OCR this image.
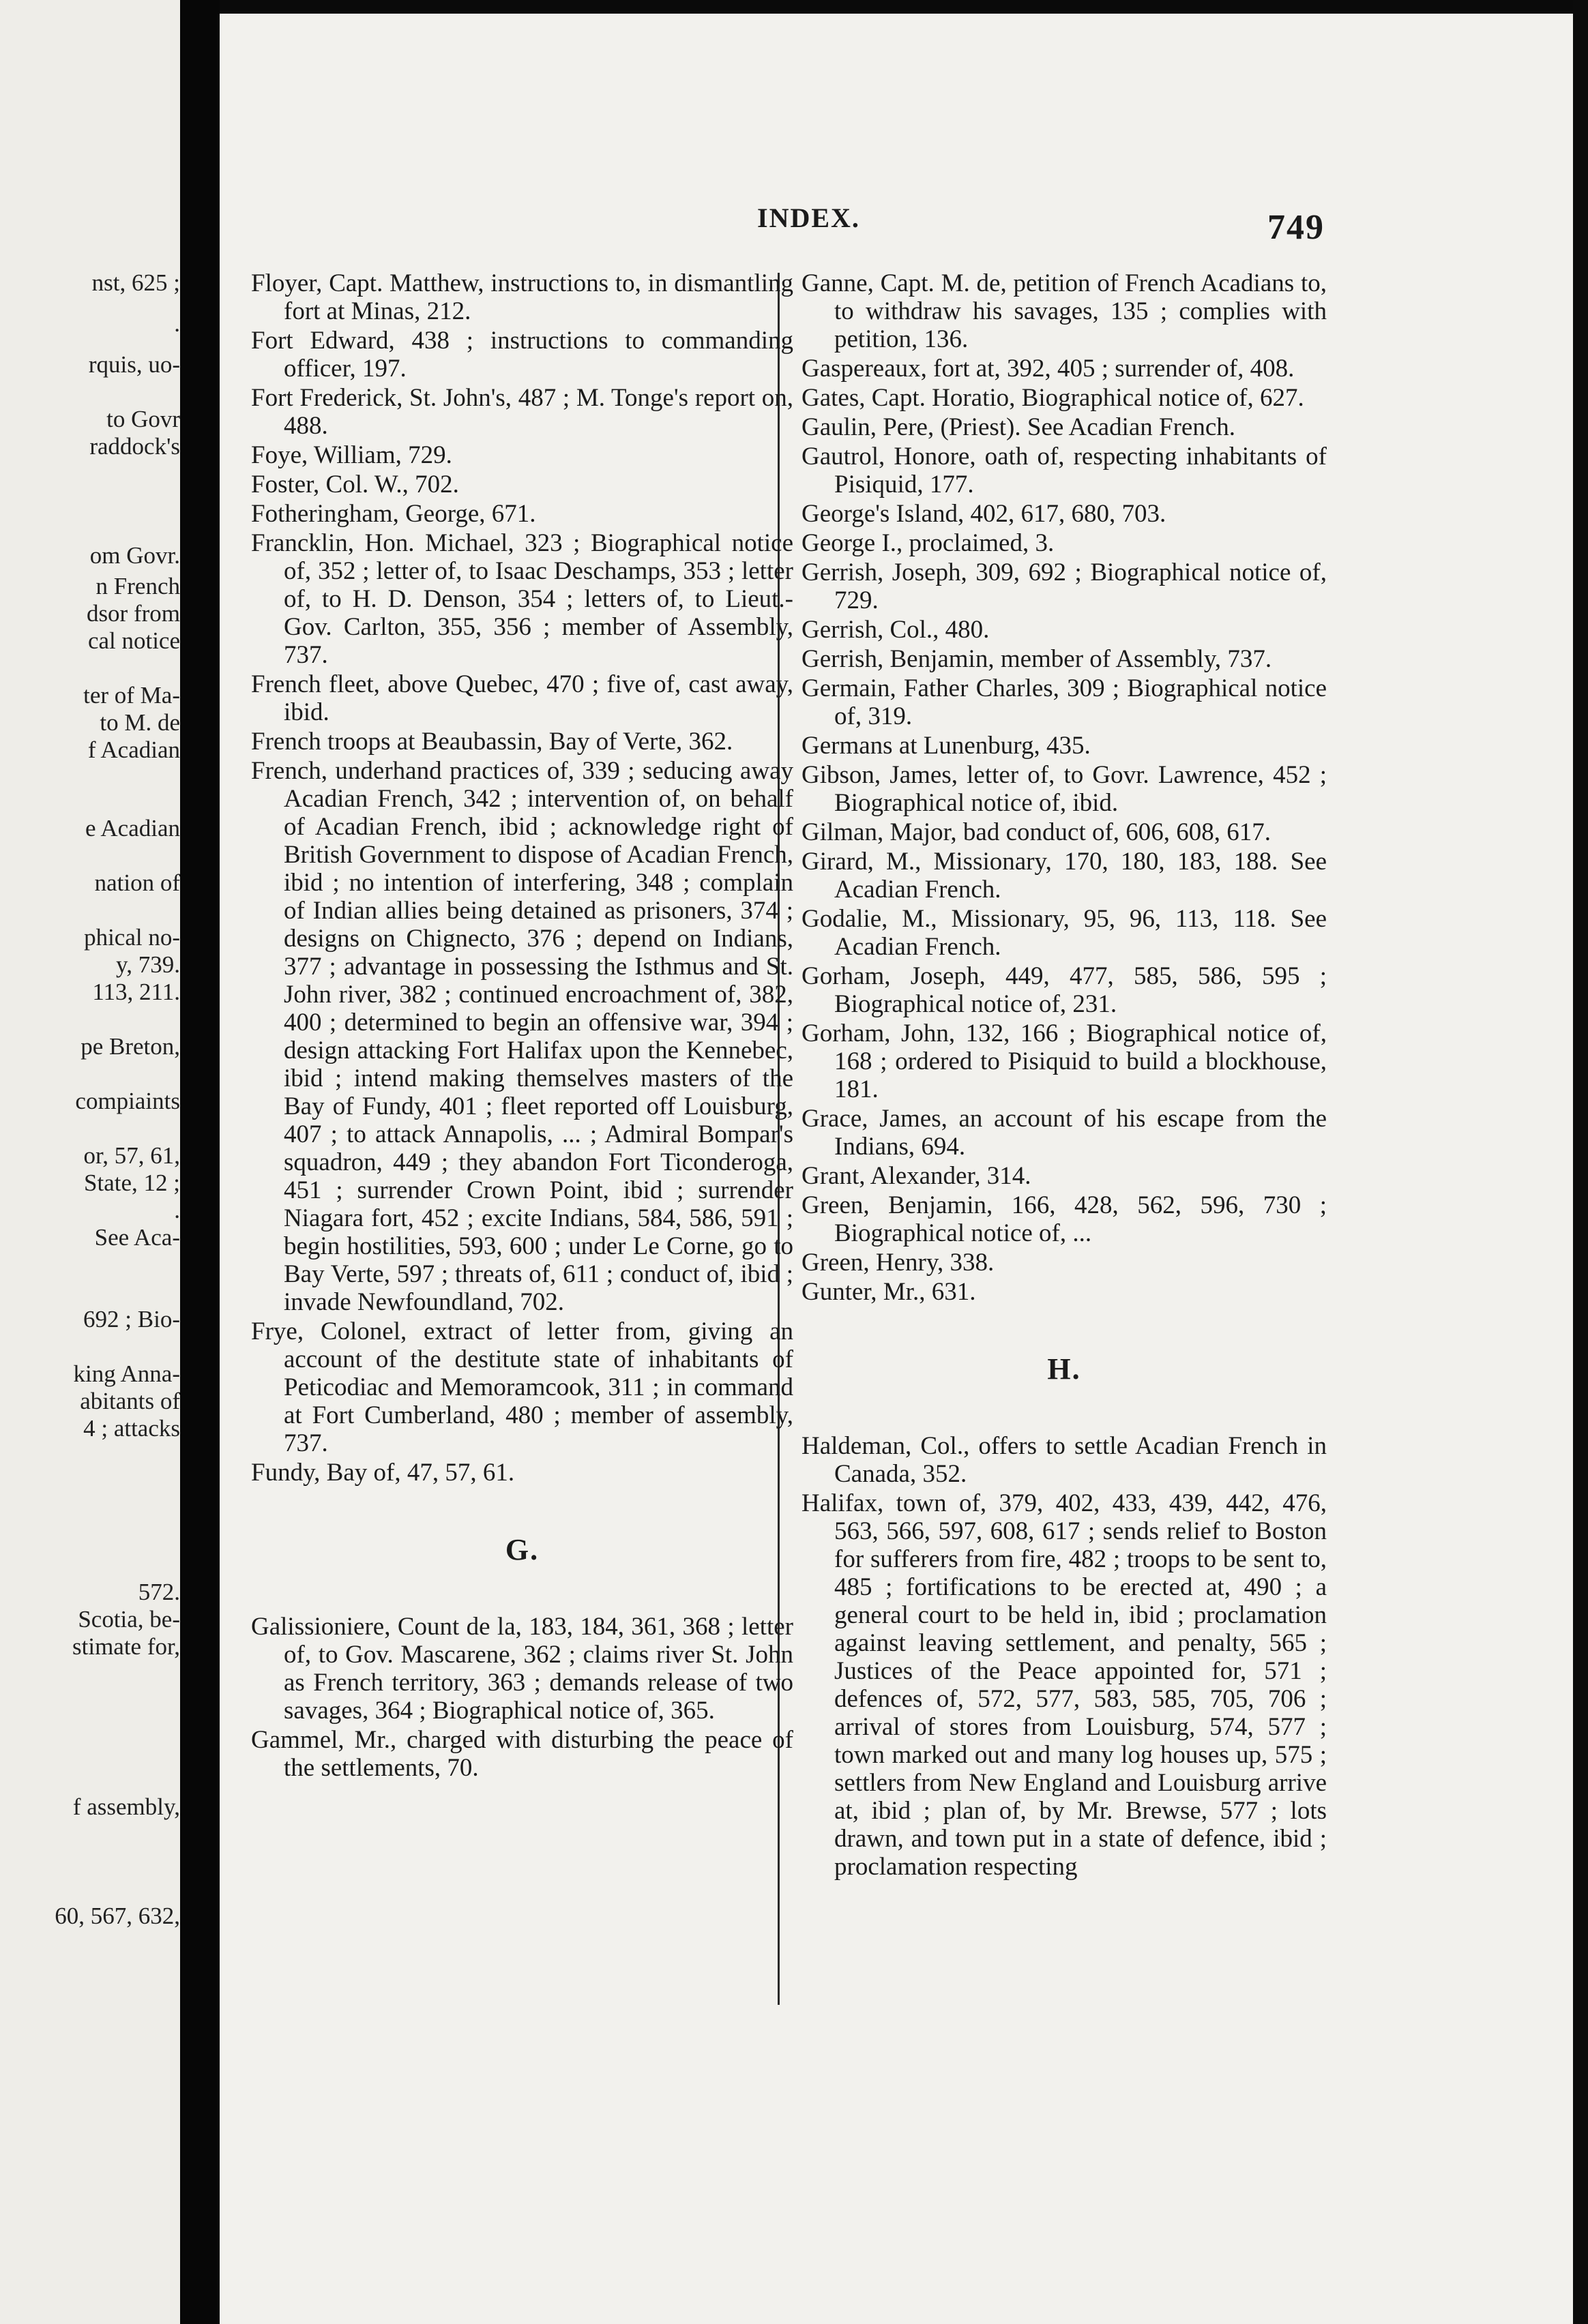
nst, 625 ;
.
rquis, uo-
to Govr
raddock's
om Govr.
n French
dsor from
cal notice
ter of Ma-
to M. de
f Acadian
e Acadian
nation of
phical no-
y, 739.
113, 211.
pe Breton,
compiaints
or, 57, 61,
State, 12 ;
.
See Aca-
692 ; Bio-
king Anna-
abitants of
4 ; attacks
572.
Scotia, be-
stimate for,
f assembly,
60, 567, 632,
INDEX.	749

Floyer, Capt. Matthew, instructions to, in dismantling fort at Minas, 212.

Fort Edward, 438 ; instructions to commanding officer, 197.

Fort Frederick, St. John's, 487 ; M. Tonge's report on, 488.

Foye, William, 729.

Foster, Col. W., 702.

Fotheringham, George, 671.

Francklin, Hon. Michael, 323 ; Biographical notice of, 352 ; letter of, to Isaac Deschamps, 353 ; letter of, to H. D. Denson, 354 ; letters of, to Lieut.-Gov. Carlton, 355, 356 ; member of Assembly, 737.

French fleet, above Quebec, 470 ; five of, cast away, ibid.

French troops at Beaubassin, Bay of Verte, 362.

French, underhand practices of, 339 ; seducing away Acadian French, 342 ; intervention of, on behalf of Acadian French, ibid ; acknowledge right of British Government to dispose of Acadian French, ibid ; no intention of interfering, 348 ; complain of Indian allies being detained as prisoners, 374 ; designs on Chignecto, 376 ; depend on Indians, 377 ; advantage in possessing the Isthmus and St. John river, 382 ; continued encroachment of, 382, 400 ; determined to begin an offensive war, 394 ; design attacking Fort Halifax upon the Kennebec, ibid ; intend making themselves masters of the Bay of Fundy, 401 ; fleet reported off Louisburg, 407 ; to attack Annapolis, ... ; Admiral Bompar's squadron, 449 ; they abandon Fort Ticonderoga, 451 ; surrender Crown Point, ibid ; surrender Niagara fort, 452 ; excite Indians, 584, 586, 591 ; begin hostilities, 593, 600 ; under Le Corne, go to Bay Verte, 597 ; threats of, 611 ; conduct of, ibid ; invade Newfoundland, 702.

Frye, Colonel, extract of letter from, giving an account of the destitute state of inhabitants of Peticodiac and Memoramcook, 311 ; in command at Fort Cumberland, 480 ; member of assembly, 737.

Fundy, Bay of, 47, 57, 61.

G.

Galissioniere, Count de la, 183, 184, 361, 368 ; letter of, to Gov. Mascarene, 362 ; claims river St. John as French territory, 363 ; demands release of two savages, 364 ; Biographical notice of, 365.

Gammel, Mr., charged with disturbing the peace of the settlements, 70.

Ganne, Capt. M. de, petition of French Acadians to, to withdraw his savages, 135 ; complies with petition, 136.

Gaspereaux, fort at, 392, 405 ; surrender of, 408.

Gates, Capt. Horatio, Biographical notice of, 627.

Gaulin, Pere, (Priest). See Acadian French.

Gautrol, Honore, oath of, respecting inhabitants of Pisiquid, 177.

George's Island, 402, 617, 680, 703.

George I., proclaimed, 3.

Gerrish, Joseph, 309, 692 ; Biographical notice of, 729.

Gerrish, Col., 480.

Gerrish, Benjamin, member of Assembly, 737.

Germain, Father Charles, 309 ; Biographical notice of, 319.

Germans at Lunenburg, 435.

Gibson, James, letter of, to Govr. Lawrence, 452 ; Biographical notice of, ibid.

Gilman, Major, bad conduct of, 606, 608, 617.

Girard, M., Missionary, 170, 180, 183, 188. See Acadian French.

Godalie, M., Missionary, 95, 96, 113, 118. See Acadian French.

Gorham, Joseph, 449, 477, 585, 586, 595 ; Biographical notice of, 231.

Gorham, John, 132, 166 ; Biographical notice of, 168 ; ordered to Pisiquid to build a blockhouse, 181.

Grace, James, an account of his escape from the Indians, 694.

Grant, Alexander, 314.

Green, Benjamin, 166, 428, 562, 596, 730 ; Biographical notice of, ...

Green, Henry, 338.

Gunter, Mr., 631.

H.

Haldeman, Col., offers to settle Acadian French in Canada, 352.

Halifax, town of, 379, 402, 433, 439, 442, 476, 563, 566, 597, 608, 617 ; sends relief to Boston for sufferers from fire, 482 ; troops to be sent to, 485 ; fortifications to be erected at, 490 ; a general court to be held in, ibid ; proclamation against leaving settlement, and penalty, 565 ; Justices of the Peace appointed for, 571 ; defences of, 572, 577, 583, 585, 705, 706 ; arrival of stores from Louisburg, 574, 577 ; town marked out and many log houses up, 575 ; settlers from New England and Louisburg arrive at, ibid ; plan of, by Mr. Brewse, 577 ; lots drawn, and town put in a state of defence, ibid ; proclamation respecting
